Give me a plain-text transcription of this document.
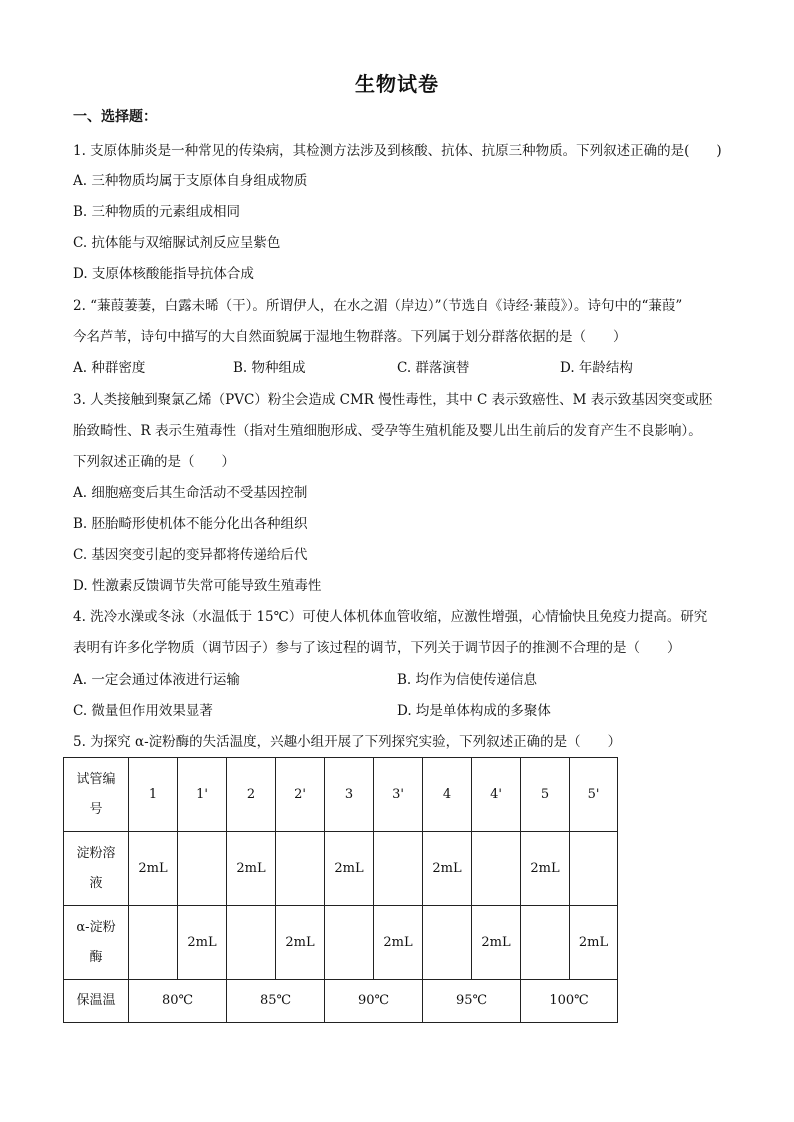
生物试卷
一、选择题：
1. 支原体肺炎是一种常见的传染病，其检测方法涉及到核酸、抗体、抗原三种物质。下列叙述正确的是(　　)
A. 三种物质均属于支原体自身组成物质
B. 三种物质的元素组成相同
C. 抗体能与双缩脲试剂反应呈紫色
D. 支原体核酸能指导抗体合成
2. “蒹葭萋萋，白露未晞（干）。所谓伊人，在水之湄（岸边）”（节选自《诗经·蒹葭》）。诗句中的“蒹葭”
今名芦苇，诗句中描写的大自然面貌属于湿地生物群落。下列属于划分群落依据的是（　　）
A. 种群密度	B. 物种组成	C. 群落演替	D. 年龄结构
3. 人类接触到聚氯乙烯（PVC）粉尘会造成 CMR 慢性毒性，其中 C 表示致癌性、M 表示致基因突变或胚
胎致畸性、R 表示生殖毒性（指对生殖细胞形成、受孕等生殖机能及婴儿出生前后的发育产生不良影响）。
下列叙述正确的是（　　）
A. 细胞癌变后其生命活动不受基因控制
B. 胚胎畸形使机体不能分化出各种组织
C. 基因突变引起的变异都将传递给后代
D. 性激素反馈调节失常可能导致生殖毒性
4. 洗冷水澡或冬泳（水温低于 15℃）可使人体机体血管收缩，应激性增强，心情愉快且免疫力提高。研究
表明有许多化学物质（调节因子）参与了该过程的调节，下列关于调节因子的推测不合理的是（　　）
A. 一定会通过体液进行运输	B. 均作为信使传递信息
C. 微量但作用效果显著	D. 均是单体构成的多聚体
5. 为探究 α-淀粉酶的失活温度，兴趣小组开展了下列探究实验，下列叙述正确的是（　　）
试管编
号	1	1'	2	2'	3	3'	4	4'	5	5'
淀粉溶
液	2mL		2mL		2mL		2mL		2mL	
α-淀粉
酶		2mL		2mL		2mL		2mL		2mL
保温温	80℃		85℃		90℃		95℃		100℃	
